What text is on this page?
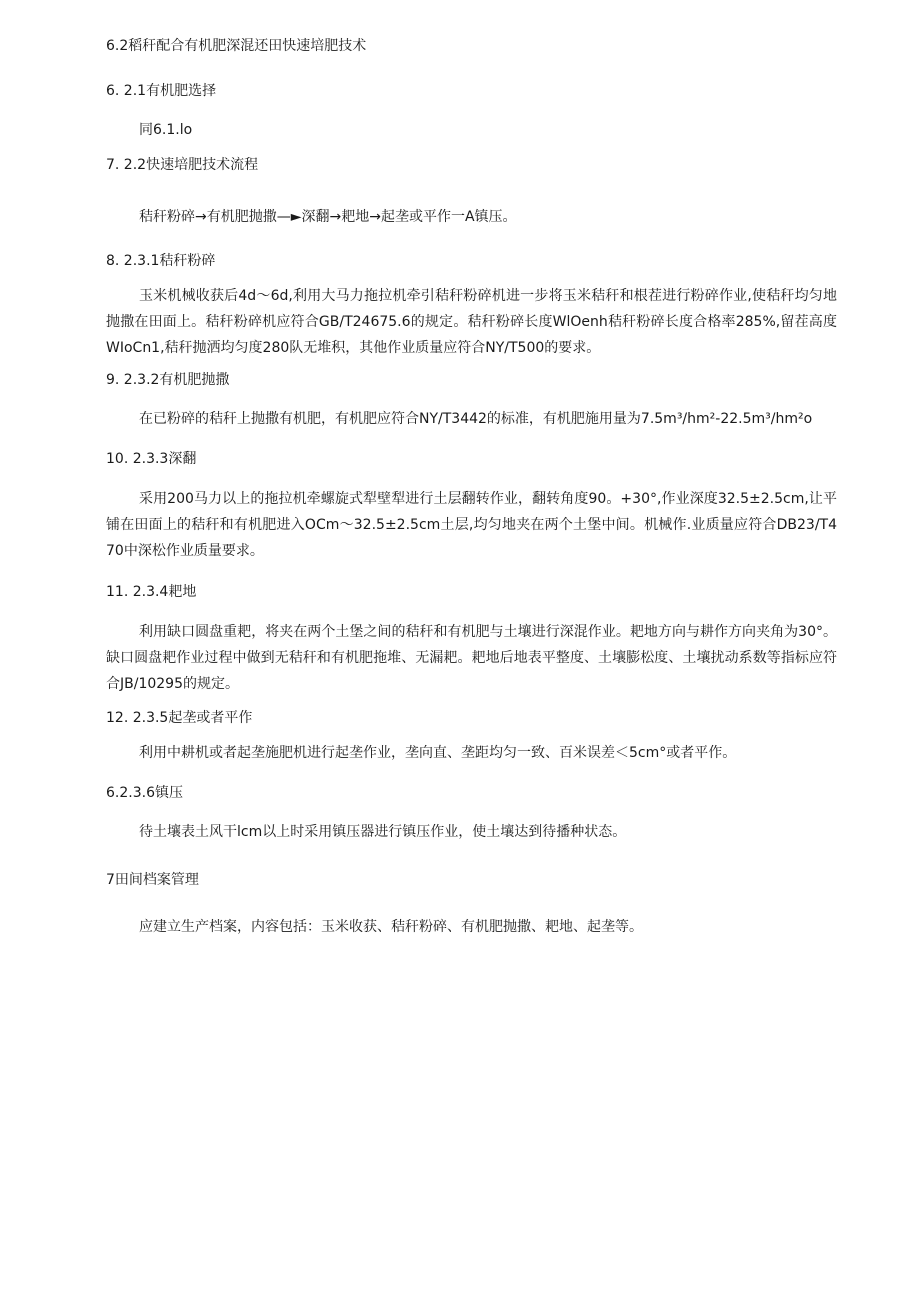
6.2稻秆配合有机肥深混还田快速培肥技术
6. 2.1有机肥选择
同6.1.lo
7. 2.2快速培肥技术流程
秸秆粉碎→有机肥抛撒—►深翻→耙地→起垄或平作一A镇压。
8. 2.3.1秸秆粉碎
玉米机械收获后4d～6d,利用大马力拖拉机牵引秸秆粉碎机进一步将玉米秸秆和根茬进行粉碎作业,使秸秆均匀地抛撒在田面上。秸秆粉碎机应符合GB/T24675.6的规定。秸秆粉碎长度WlOenh秸秆粉碎长度合格率285%,留茬高度WIoCn1,秸秆抛洒均匀度280队无堆积，其他作业质量应符合NY/T500的要求。
9. 2.3.2有机肥抛撒
在已粉碎的秸秆上抛撒有机肥，有机肥应符合NY/T3442的标准，有机肥施用量为7.5m³/hm²-22.5m³/hm²o
10. 2.3.3深翻
采用200马力以上的拖拉机牵螺旋式犁壁犁进行土层翻转作业，翻转角度90。+30°,作业深度32.5±2.5cm,让平铺在田面上的秸秆和有机肥进入OCm～32.5±2.5cm土层,均匀地夹在两个土堡中间。机械作.业质量应符合DB23/T470中深松作业质量要求。
11. 2.3.4耙地
利用缺口圆盘重耙，将夹在两个土堡之间的秸秆和有机肥与土壤进行深混作业。耙地方向与耕作方向夹角为30°。缺口圆盘耙作业过程中做到无秸秆和有机肥拖堆、无漏耙。耙地后地表平整度、土壤膨松度、土壤扰动系数等指标应符合JB/10295的规定。
12. 2.3.5起垄或者平作
利用中耕机或者起垄施肥机进行起垄作业，垄向直、垄距均匀一致、百米误差＜5cm°或者平作。
6.2.3.6镇压
待土壤表土风干lcm以上时采用镇压器进行镇压作业，使土壤达到待播种状态。
7田间档案管理
应建立生产档案，内容包括：玉米收获、秸秆粉碎、有机肥抛撒、耙地、起垄等。
